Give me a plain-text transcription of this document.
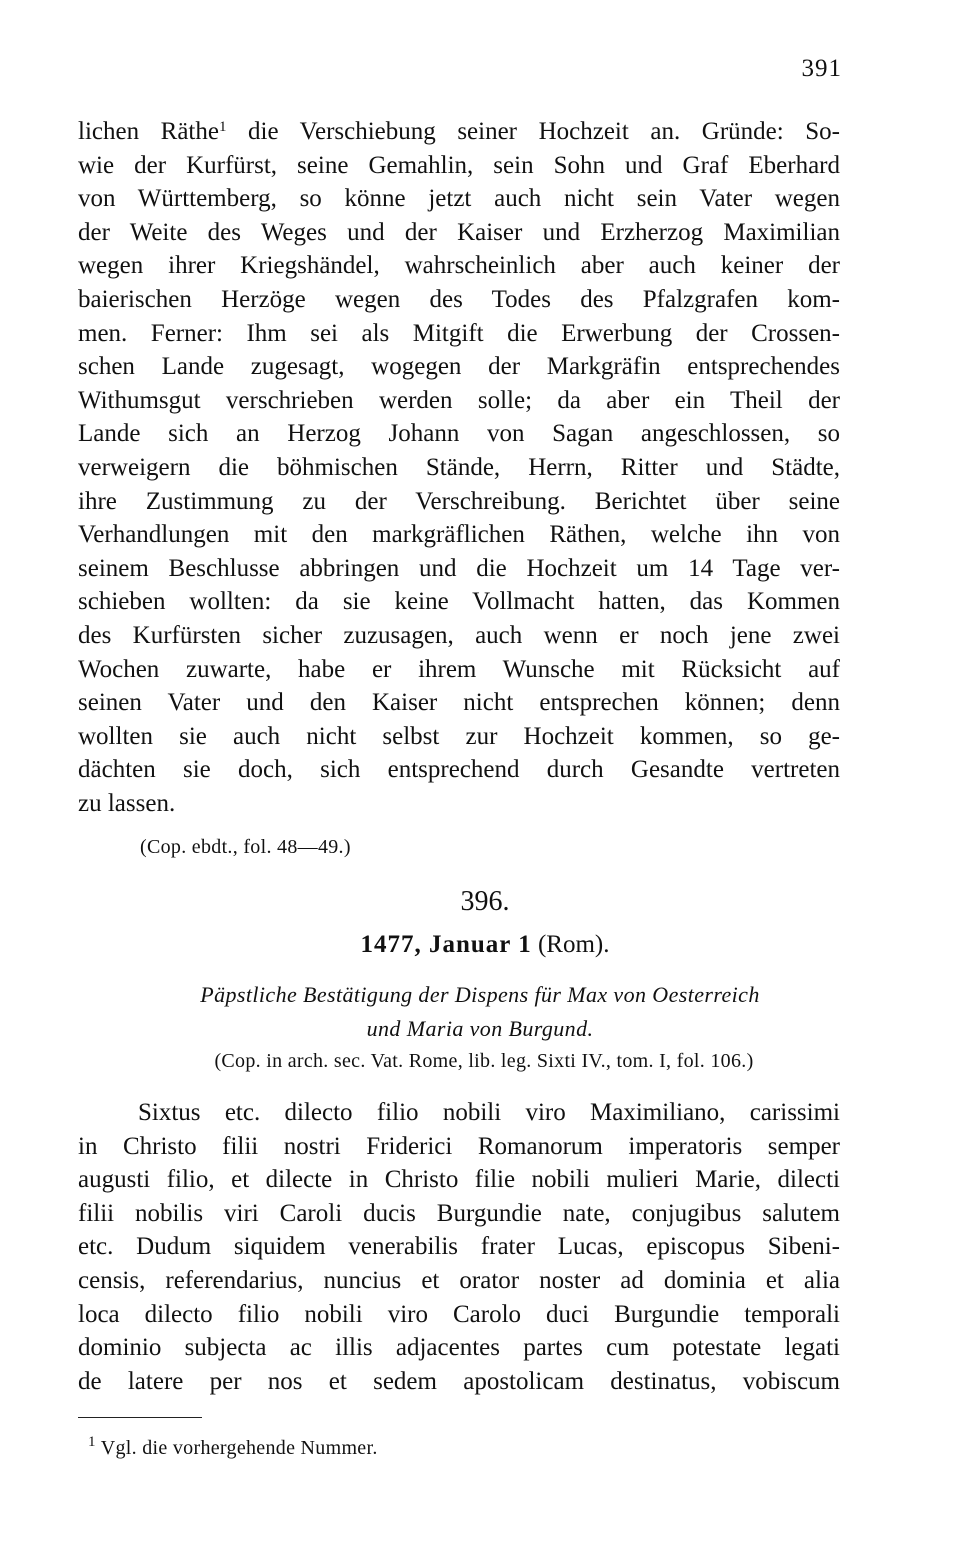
391
lichen Räthe$^1$ die Verschiebung seiner Hochzeit an. Gründe: So-
wie der Kurfürst, seine Gemahlin, sein Sohn und Graf Eberhard
von Württemberg, so könne jetzt auch nicht sein Vater wegen
der Weite des Weges und der Kaiser und Erzherzog Maximilian
wegen ihrer Kriegshändel, wahrscheinlich aber auch keiner der
baierischen Herzöge wegen des Todes des Pfalzgrafen kom-
men. Ferner: Ihm sei als Mitgift die Erwerbung der Crossen-
schen Lande zugesagt, wogegen der Markgräfin entsprechendes
Withumsgut verschrieben werden solle; da aber ein Theil der
Lande sich an Herzog Johann von Sagan angeschlossen, so
verweigern die böhmischen Stände, Herrn, Ritter und Städte,
ihre Zustimmung zu der Verschreibung. Berichtet über seine
Verhandlungen mit den markgräflichen Räthen, welche ihn von
seinem Beschlusse abbringen und die Hochzeit um 14 Tage ver-
schieben wollten: da sie keine Vollmacht hatten, das Kommen
des Kurfürsten sicher zuzusagen, auch wenn er noch jene zwei
Wochen zuwarte, habe er ihrem Wunsche mit Rücksicht auf
seinen Vater und den Kaiser nicht entsprechen können; denn
wollten sie auch nicht selbst zur Hochzeit kommen, so ge-
dächten sie doch, sich entsprechend durch Gesandte vertreten
zu lassen.
(Cop. ebdt., fol. 48—49.)
396.
1477, Januar 1 (Rom).
Päpstliche Bestätigung der Dispens für Max von Oesterreich
und Maria von Burgund.
(Cop. in arch. sec. Vat. Rome, lib. leg. Sixti IV., tom. I, fol. 106.)
Sixtus etc. dilecto filio nobili viro Maximiliano, carissimi
in Christo filii nostri Friderici Romanorum imperatoris semper
augusti filio, et dilecte in Christo filie nobili mulieri Marie, dilecti
filii nobilis viri Caroli ducis Burgundie nate, conjugibus salutem
etc. Dudum siquidem venerabilis frater Lucas, episcopus Sibeni-
censis, referendarius, nuncius et orator noster ad dominia et alia
loca dilecto filio nobili viro Carolo duci Burgundie temporali
dominio subjecta ac illis adjacentes partes cum potestate legati
de latere per nos et sedem apostolicam destinatus, vobiscum
$^1$ Vgl. die vorhergehende Nummer.
